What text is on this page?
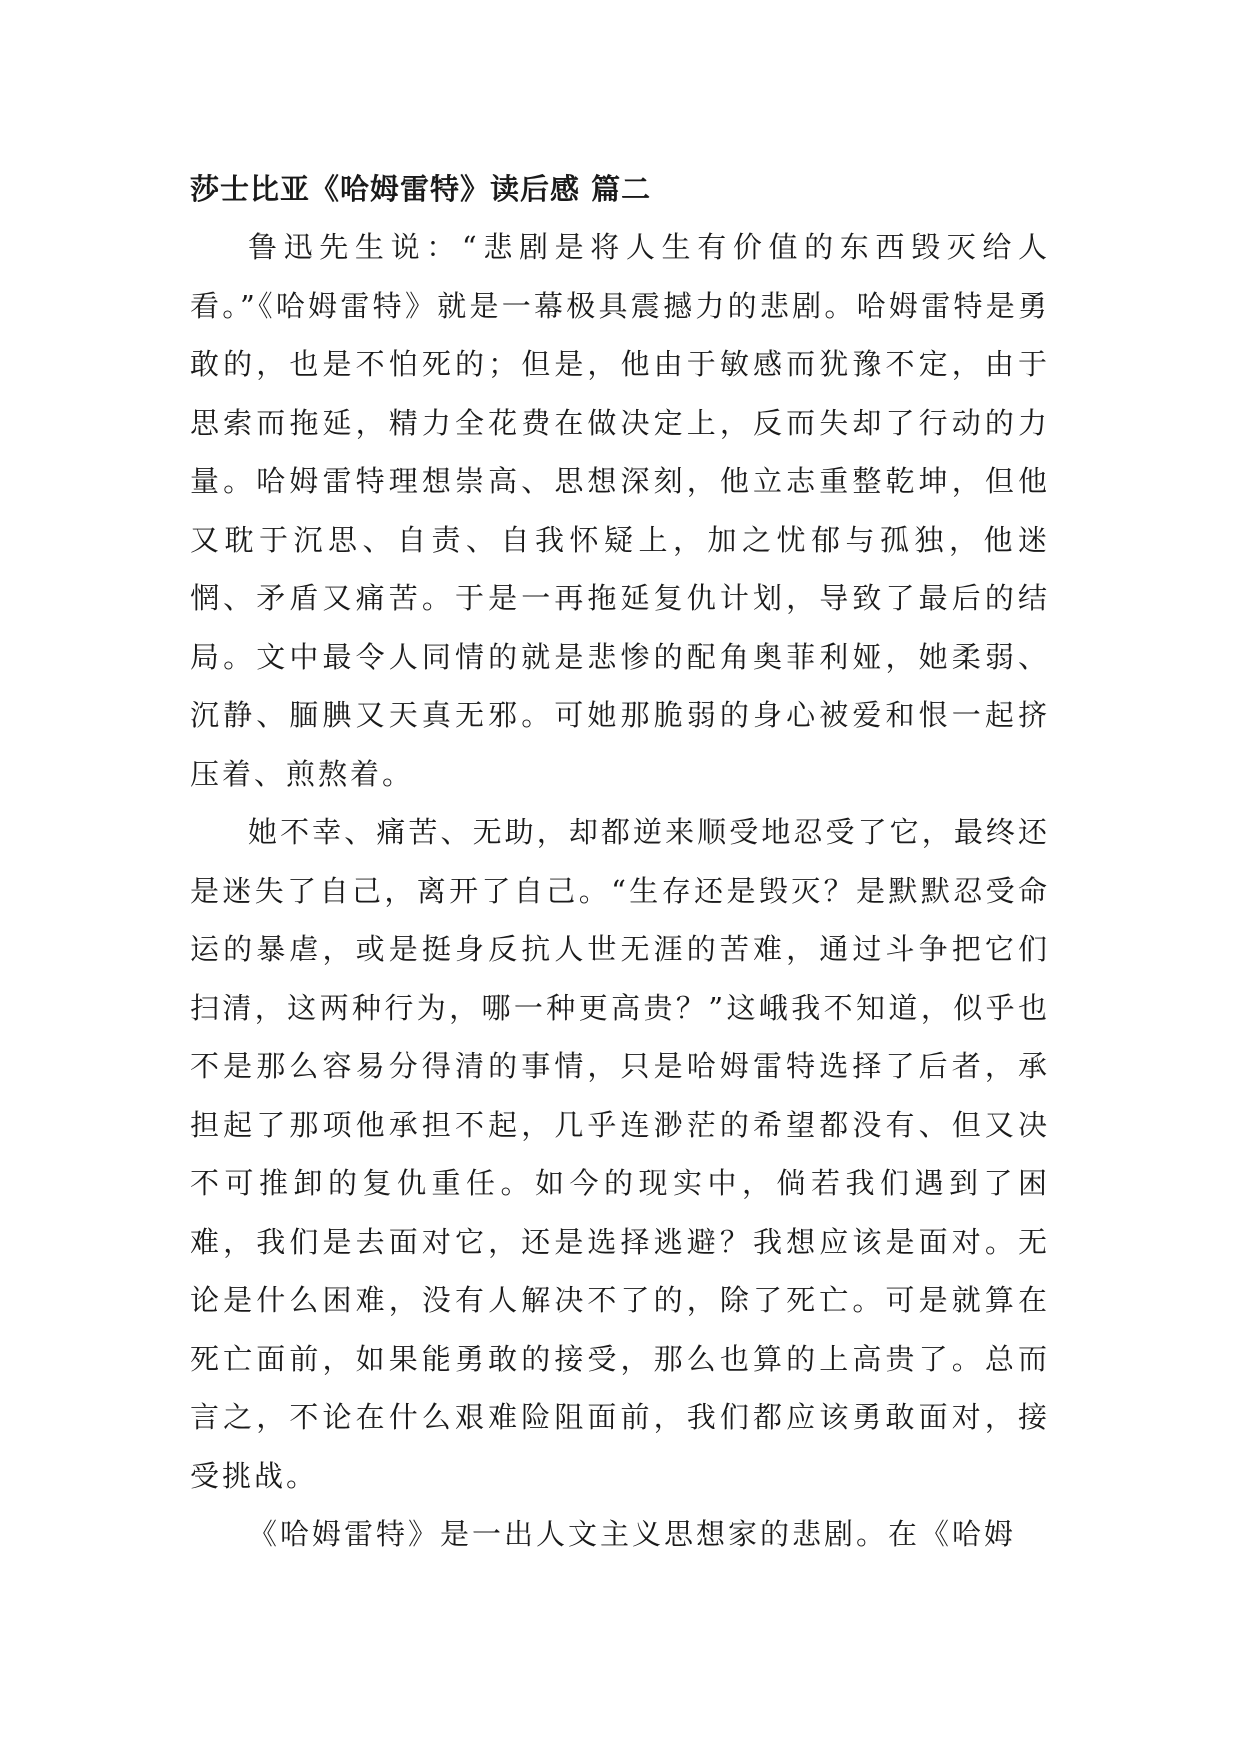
莎士比亚《哈姆雷特》读后感 篇二

鲁迅先生说：“悲剧是将人生有价值的东西毁灭给人看。”《哈姆雷特》就是一幕极具震撼力的悲剧。哈姆雷特是勇敢的，也是不怕死的；但是，他由于敏感而犹豫不定，由于思索而拖延，精力全花费在做决定上，反而失却了行动的力量。哈姆雷特理想崇高、思想深刻，他立志重整乾坤，但他又耽于沉思、自责、自我怀疑上，加之忧郁与孤独，他迷惘、矛盾又痛苦。于是一再拖延复仇计划，导致了最后的结局。文中最令人同情的就是悲惨的配角奥菲利娅，她柔弱、沉静、腼腆又天真无邪。可她那脆弱的身心被爱和恨一起挤压着、煎熬着。

她不幸、痛苦、无助，却都逆来顺受地忍受了它，最终还是迷失了自己，离开了自己。“生存还是毁灭？是默默忍受命运的暴虐，或是挺身反抗人世无涯的苦难，通过斗争把它们扫清，这两种行为，哪一种更高贵？”这峨我不知道，似乎也不是那么容易分得清的事情，只是哈姆雷特选择了后者，承担起了那项他承担不起，几乎连渺茫的希望都没有、但又决不可推卸的复仇重任。如今的现实中，倘若我们遇到了困难，我们是去面对它，还是选择逃避？我想应该是面对。无论是什么困难，没有人解决不了的，除了死亡。可是就算在死亡面前，如果能勇敢的接受，那么也算的上高贵了。总而言之，不论在什么艰难险阻面前，我们都应该勇敢面对，接受挑战。

《哈姆雷特》是一出人文主义思想家的悲剧。在《哈姆
